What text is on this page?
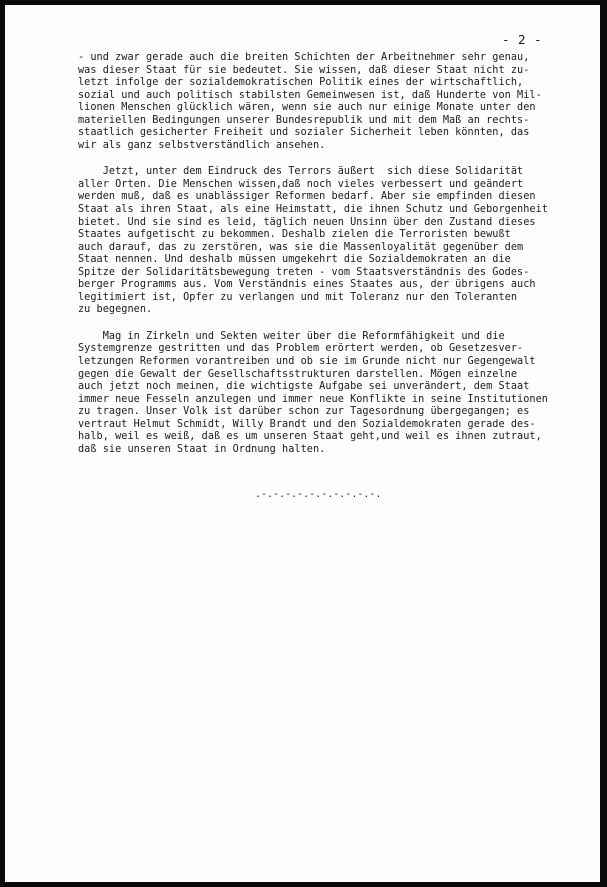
- 2 -

- und zwar gerade auch die breiten Schichten der Arbeitnehmer sehr genau,
was dieser Staat für sie bedeutet. Sie wissen, daß dieser Staat nicht zu-
letzt infolge der sozialdemokratischen Politik eines der wirtschaftlich,
sozial und auch politisch stabilsten Gemeinwesen ist, daß Hunderte von Mil-
lionen Menschen glücklich wären, wenn sie auch nur einige Monate unter den
materiellen Bedingungen unserer Bundesrepublik und mit dem Maß an rechts-
staatlich gesicherter Freiheit und sozialer Sicherheit leben könnten, das
wir als ganz selbstverständlich ansehen.

Jetzt, unter dem Eindruck des Terrors äußert  sich diese Solidarität
aller Orten. Die Menschen wissen,daß noch vieles verbessert und geändert
werden muß, daß es unablässiger Reformen bedarf. Aber sie empfinden diesen
Staat als ihren Staat, als eine Heimstatt, die ihnen Schutz und Geborgenheit
bietet. Und sie sind es leid, täglich neuen Unsinn über den Zustand dieses
Staates aufgetischt zu bekommen. Deshalb zielen die Terroristen bewußt
auch darauf, das zu zerstören, was sie die Massenloyalität gegenüber dem
Staat nennen. Und deshalb müssen umgekehrt die Sozialdemokraten an die
Spitze der Solidaritätsbewegung treten - vom Staatsverständnis des Godes-
berger Programms aus. Vom Verständnis eines Staates aus, der übrigens auch
legitimiert ist, Opfer zu verlangen und mit Toleranz nur den Toleranten
zu begegnen.

Mag in Zirkeln und Sekten weiter über die Reformfähigkeit und die
Systemgrenze gestritten und das Problem erörtert werden, ob Gesetzesver-
letzungen Reformen vorantreiben und ob sie im Grunde nicht nur Gegengewalt
gegen die Gewalt der Gesellschaftsstrukturen darstellen. Mögen einzelne
auch jetzt noch meinen, die wichtigste Aufgabe sei unverändert, dem Staat
immer neue Fesseln anzulegen und immer neue Konflikte in seine Institutionen
zu tragen. Unser Volk ist darüber schon zur Tagesordnung übergegangen; es
vertraut Helmut Schmidt, Willy Brandt und den Sozialdemokraten gerade des-
halb, weil es weiß, daß es um unseren Staat geht,und weil es ihnen zutraut,
daß sie unseren Staat in Ordnung halten.

.-.-.-.-.-.-.-.-.-.-.
